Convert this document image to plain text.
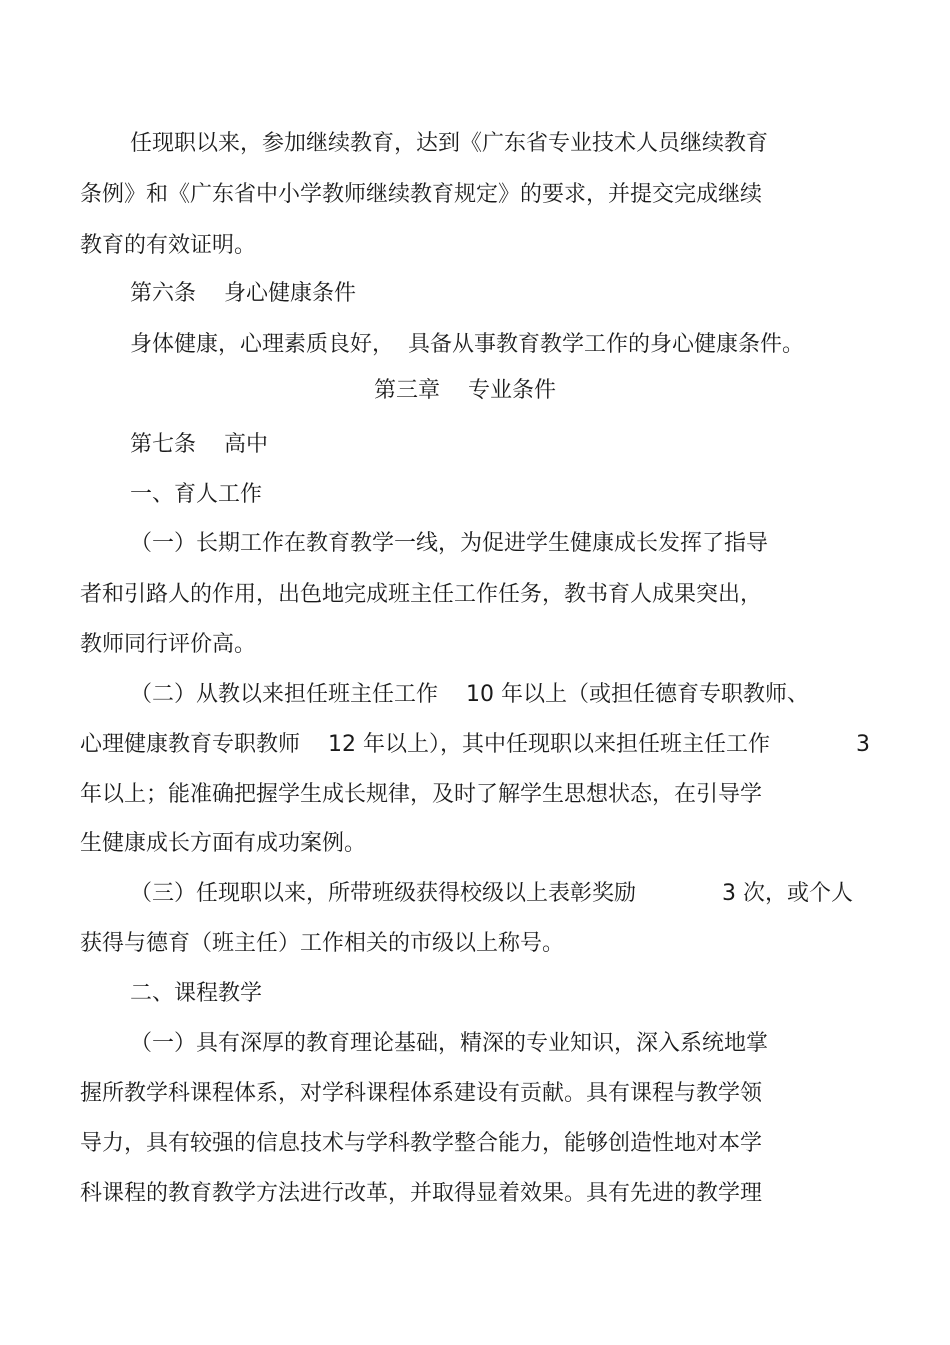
任现职以来，参加继续教育，达到《广东省专业技术人员继续教育
条例》和《广东省中小学教师继续教育规定》的要求，并提交完成继续
教育的有效证明。
第六条    身心健康条件
身体健康，心理素质良好，  具备从事教育教学工作的身心健康条件。
第三章    专业条件
第七条    高中
一、育人工作
（一）长期工作在教育教学一线，为促进学生健康成长发挥了指导
者和引路人的作用，出色地完成班主任工作任务，教书育人成果突出，
教师同行评价高。
（二）从教以来担任班主任工作    10 年以上（或担任德育专职教师、
心理健康教育专职教师    12 年以上），其中任现职以来担任班主任工作	3
年以上；能准确把握学生成长规律，及时了解学生思想状态，在引导学
生健康成长方面有成功案例。
（三）任现职以来，所带班级获得校级以上表彰奖励	3 次，或个人
获得与德育（班主任）工作相关的市级以上称号。
二、课程教学
（一）具有深厚的教育理论基础，精深的专业知识，深入系统地掌
握所教学科课程体系，对学科课程体系建设有贡献。具有课程与教学领
导力，具有较强的信息技术与学科教学整合能力，能够创造性地对本学
科课程的教育教学方法进行改革，并取得显着效果。具有先进的教学理
